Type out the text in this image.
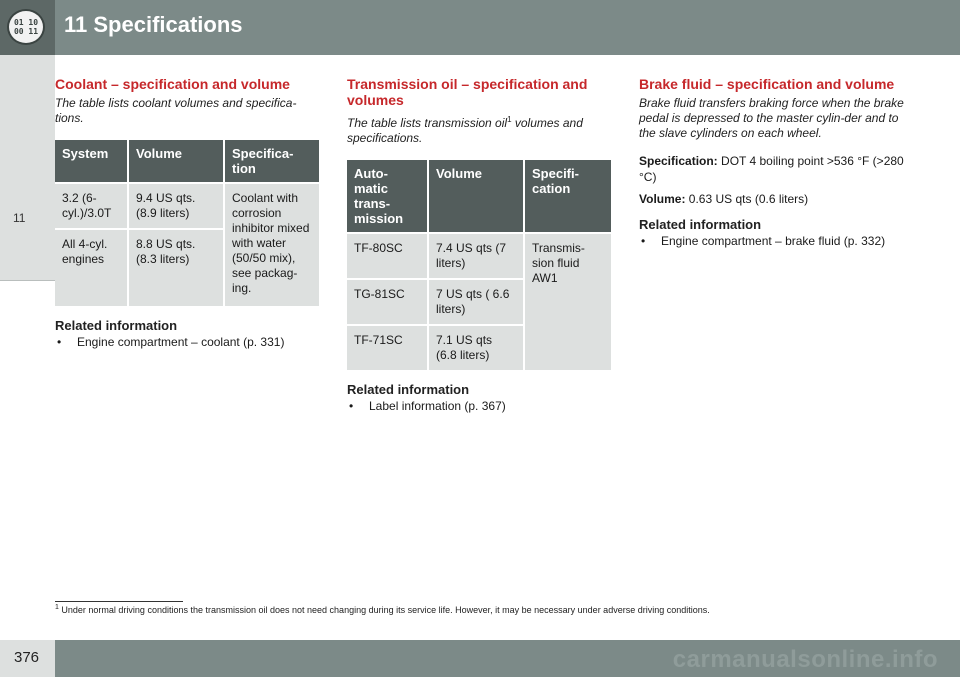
01 10
00 11 11 Specifications
11
Coolant – specification and volume

The table lists coolant volumes and specifica-tions.

System	Volume	Specifica-tion
3.2 (6-cyl.)/3.0T	9.4 US qts. (8.9 liters)	Coolant with corrosion inhibitor mixed with water (50/50 mix), see packag-ing.
All 4-cyl. engines	8.8 US qts. (8.3 liters)	
Related information
• Engine compartment – coolant (p. 331)
Transmission oil – specification and volumes

The table lists transmission oil$^1$ volumes and specifications.

Auto-matic trans-mission	Volume	Specifi-cation
TF-80SC	7.4 US qts (7 liters)	Transmis-sion fluid AW1
TG-81SC	7 US qts ( 6.6 liters)	
TF-71SC	7.1 US qts (6.8 liters)	
Related information
• Label information (p. 367)
Brake fluid – specification and volume

Brake fluid transfers braking force when the brake pedal is depressed to the master cylin-der and to the slave cylinders on each wheel.

Specification: DOT 4 boiling point >536 °F (>280 °C)

Volume: 0.63 US qts (0.6 liters)

Related information
• Engine compartment – brake fluid (p. 332)
$^1$ Under normal driving conditions the transmission oil does not need changing during its service life. However, it may be necessary under adverse driving conditions.
376	carmanualsonline.info
